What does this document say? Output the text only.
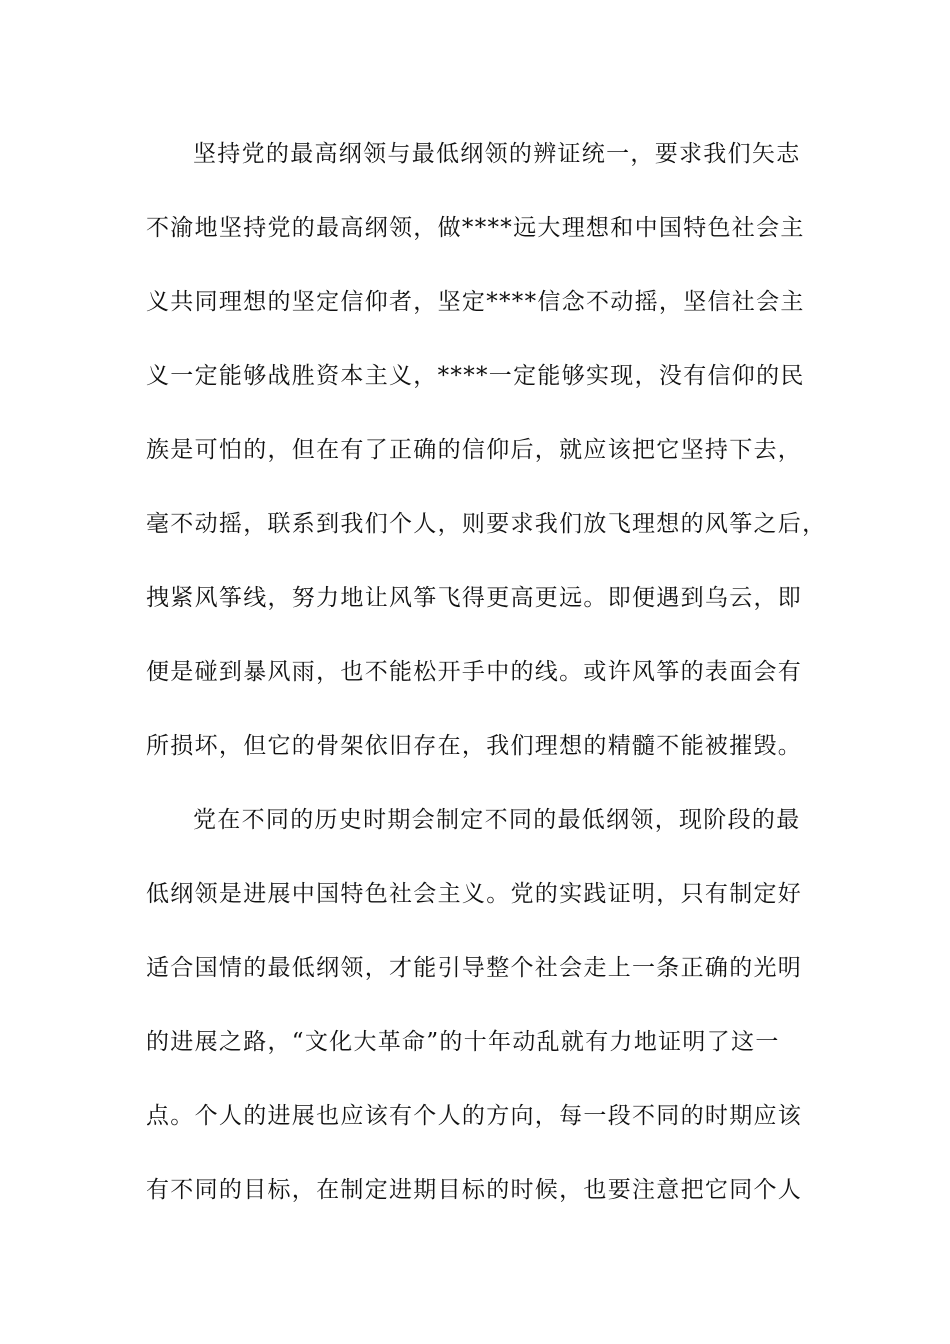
坚持党的最高纲领与最低纲领的辨证统一，要求我们矢志
不渝地坚持党的最高纲领，做****远大理想和中国特色社会主
义共同理想的坚定信仰者，坚定****信念不动摇，坚信社会主
义一定能够战胜资本主义，****一定能够实现，没有信仰的民
族是可怕的，但在有了正确的信仰后，就应该把它坚持下去，
毫不动摇，联系到我们个人，则要求我们放飞理想的风筝之后，
拽紧风筝线，努力地让风筝飞得更高更远。即便遇到乌云，即
便是碰到暴风雨，也不能松开手中的线。或许风筝的表面会有
所损坏，但它的骨架依旧存在，我们理想的精髓不能被摧毁。
党在不同的历史时期会制定不同的最低纲领，现阶段的最
低纲领是进展中国特色社会主义。党的实践证明，只有制定好
适合国情的最低纲领，才能引导整个社会走上一条正确的光明
的进展之路，“文化大革命”的十年动乱就有力地证明了这一
点。个人的进展也应该有个人的方向，每一段不同的时期应该
有不同的目标，在制定进期目标的时候，也要注意把它同个人
